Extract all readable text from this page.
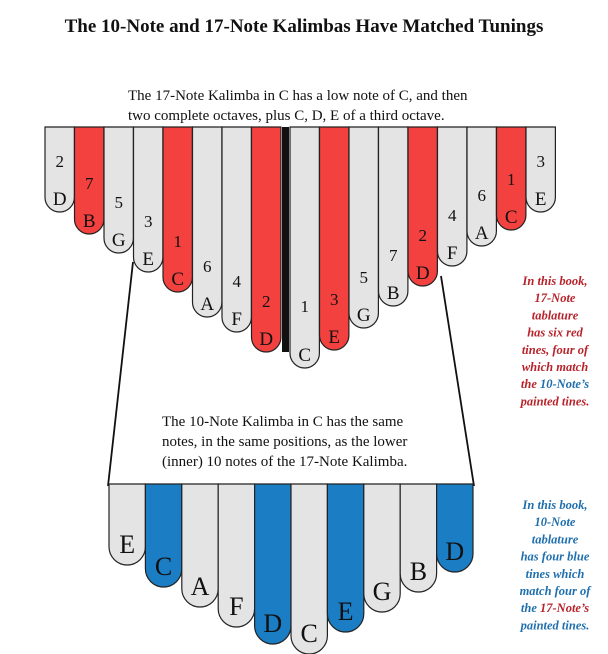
The 10-Note and 17-Note Kalimbas Have Matched Tunings
D
2
B
7
G
5
E
3
C
1
A
6
F
4
D
2
C
1
E
3
G
5
B
7
D
2
F
4
A
6
C
1
E
3
E
C
A
F
D C
E
G
B
D
The 17-Note Kalimba in C has a low note of C, and then two complete octaves, plus C, D, E of a third octave.
The 10-Note Kalimba in C has the same notes, in the same positions, as the lower (inner) 10 notes of the 17-Note Kalimba.
In this book, 17-Note tablature has six red tines, four of which match the 10-Note’s painted tines.
In this book, 10-Note tablature has four blue tines which match four of the 17-Note’s painted tines.
